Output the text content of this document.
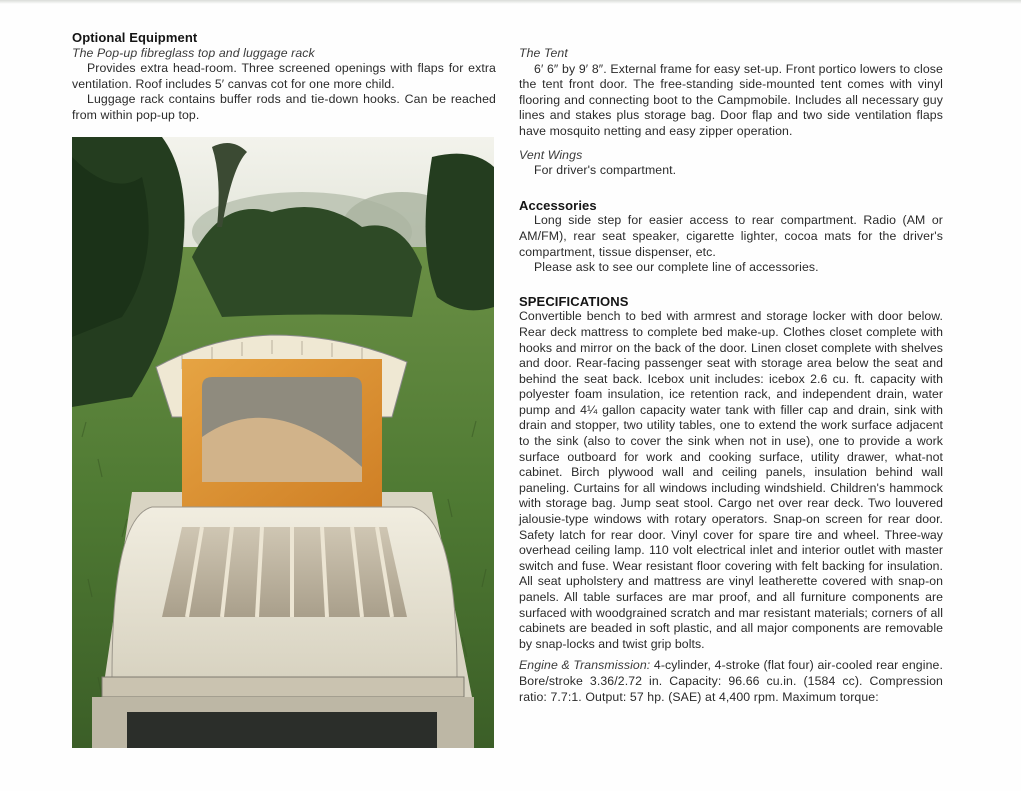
Optional Equipment
The Pop-up fibreglass top and luggage rack

Provides extra head-room. Three screened openings with flaps for extra ventilation. Roof includes 5′ canvas cot for one more child.

Luggage rack contains buffer rods and tie-down hooks. Can be reached from within pop-up top.

The Tent

6′ 6″ by 9′ 8″. External frame for easy set-up. Front portico lowers to close the tent front door. The free-standing side-mounted tent comes with vinyl flooring and connecting boot to the Campmobile. Includes all necessary guy lines and stakes plus storage bag. Door flap and two side ventilation flaps have mosquito netting and easy zipper operation.

Vent Wings

For driver's compartment.

Accessories

Long side step for easier access to rear compartment. Radio (AM or AM/FM), rear seat speaker, cigarette lighter, cocoa mats for the driver's compartment, tissue dispenser, etc.

Please ask to see our complete line of accessories.

SPECIFICATIONS

Convertible bench to bed with armrest and storage locker with door below. Rear deck mattress to complete bed make-up. Clothes closet complete with hooks and mirror on the back of the door. Linen closet complete with shelves and door. Rear-facing passenger seat with storage area below the seat and behind the seat back. Icebox unit includes: icebox 2.6 cu. ft. capacity with polyester foam insulation, ice retention rack, and independent drain, water pump and 4¼ gallon capacity water tank with filler cap and drain, sink with drain and stopper, two utility tables, one to extend the work surface adjacent to the sink (also to cover the sink when not in use), one to provide a work surface outboard for work and cooking surface, utility drawer, what-not cabinet. Birch plywood wall and ceiling panels, insulation behind wall paneling. Curtains for all windows including windshield. Children's hammock with storage bag. Jump seat stool. Cargo net over rear deck. Two louvered jalousie-type windows with rotary operators. Snap-on screen for rear door. Safety latch for rear door. Vinyl cover for spare tire and wheel. Three-way overhead ceiling lamp. 110 volt electrical inlet and interior outlet with master switch and fuse. Wear resistant floor covering with felt backing for insulation. All seat upholstery and mattress are vinyl leatherette covered with snap-on panels. All table surfaces are mar proof, and all furniture components are surfaced with woodgrained scratch and mar resistant materials; corners of all cabinets are beaded in soft plastic, and all major components are removable by snap-locks and twist grip bolts.

Engine & Transmission: 4-cylinder, 4-stroke (flat four) air-cooled rear engine. Bore/stroke 3.36/2.72 in. Capacity: 96.66 cu.in. (1584 cc). Compression ratio: 7.7:1. Output: 57 hp. (SAE) at 4,400 rpm. Maximum torque:
